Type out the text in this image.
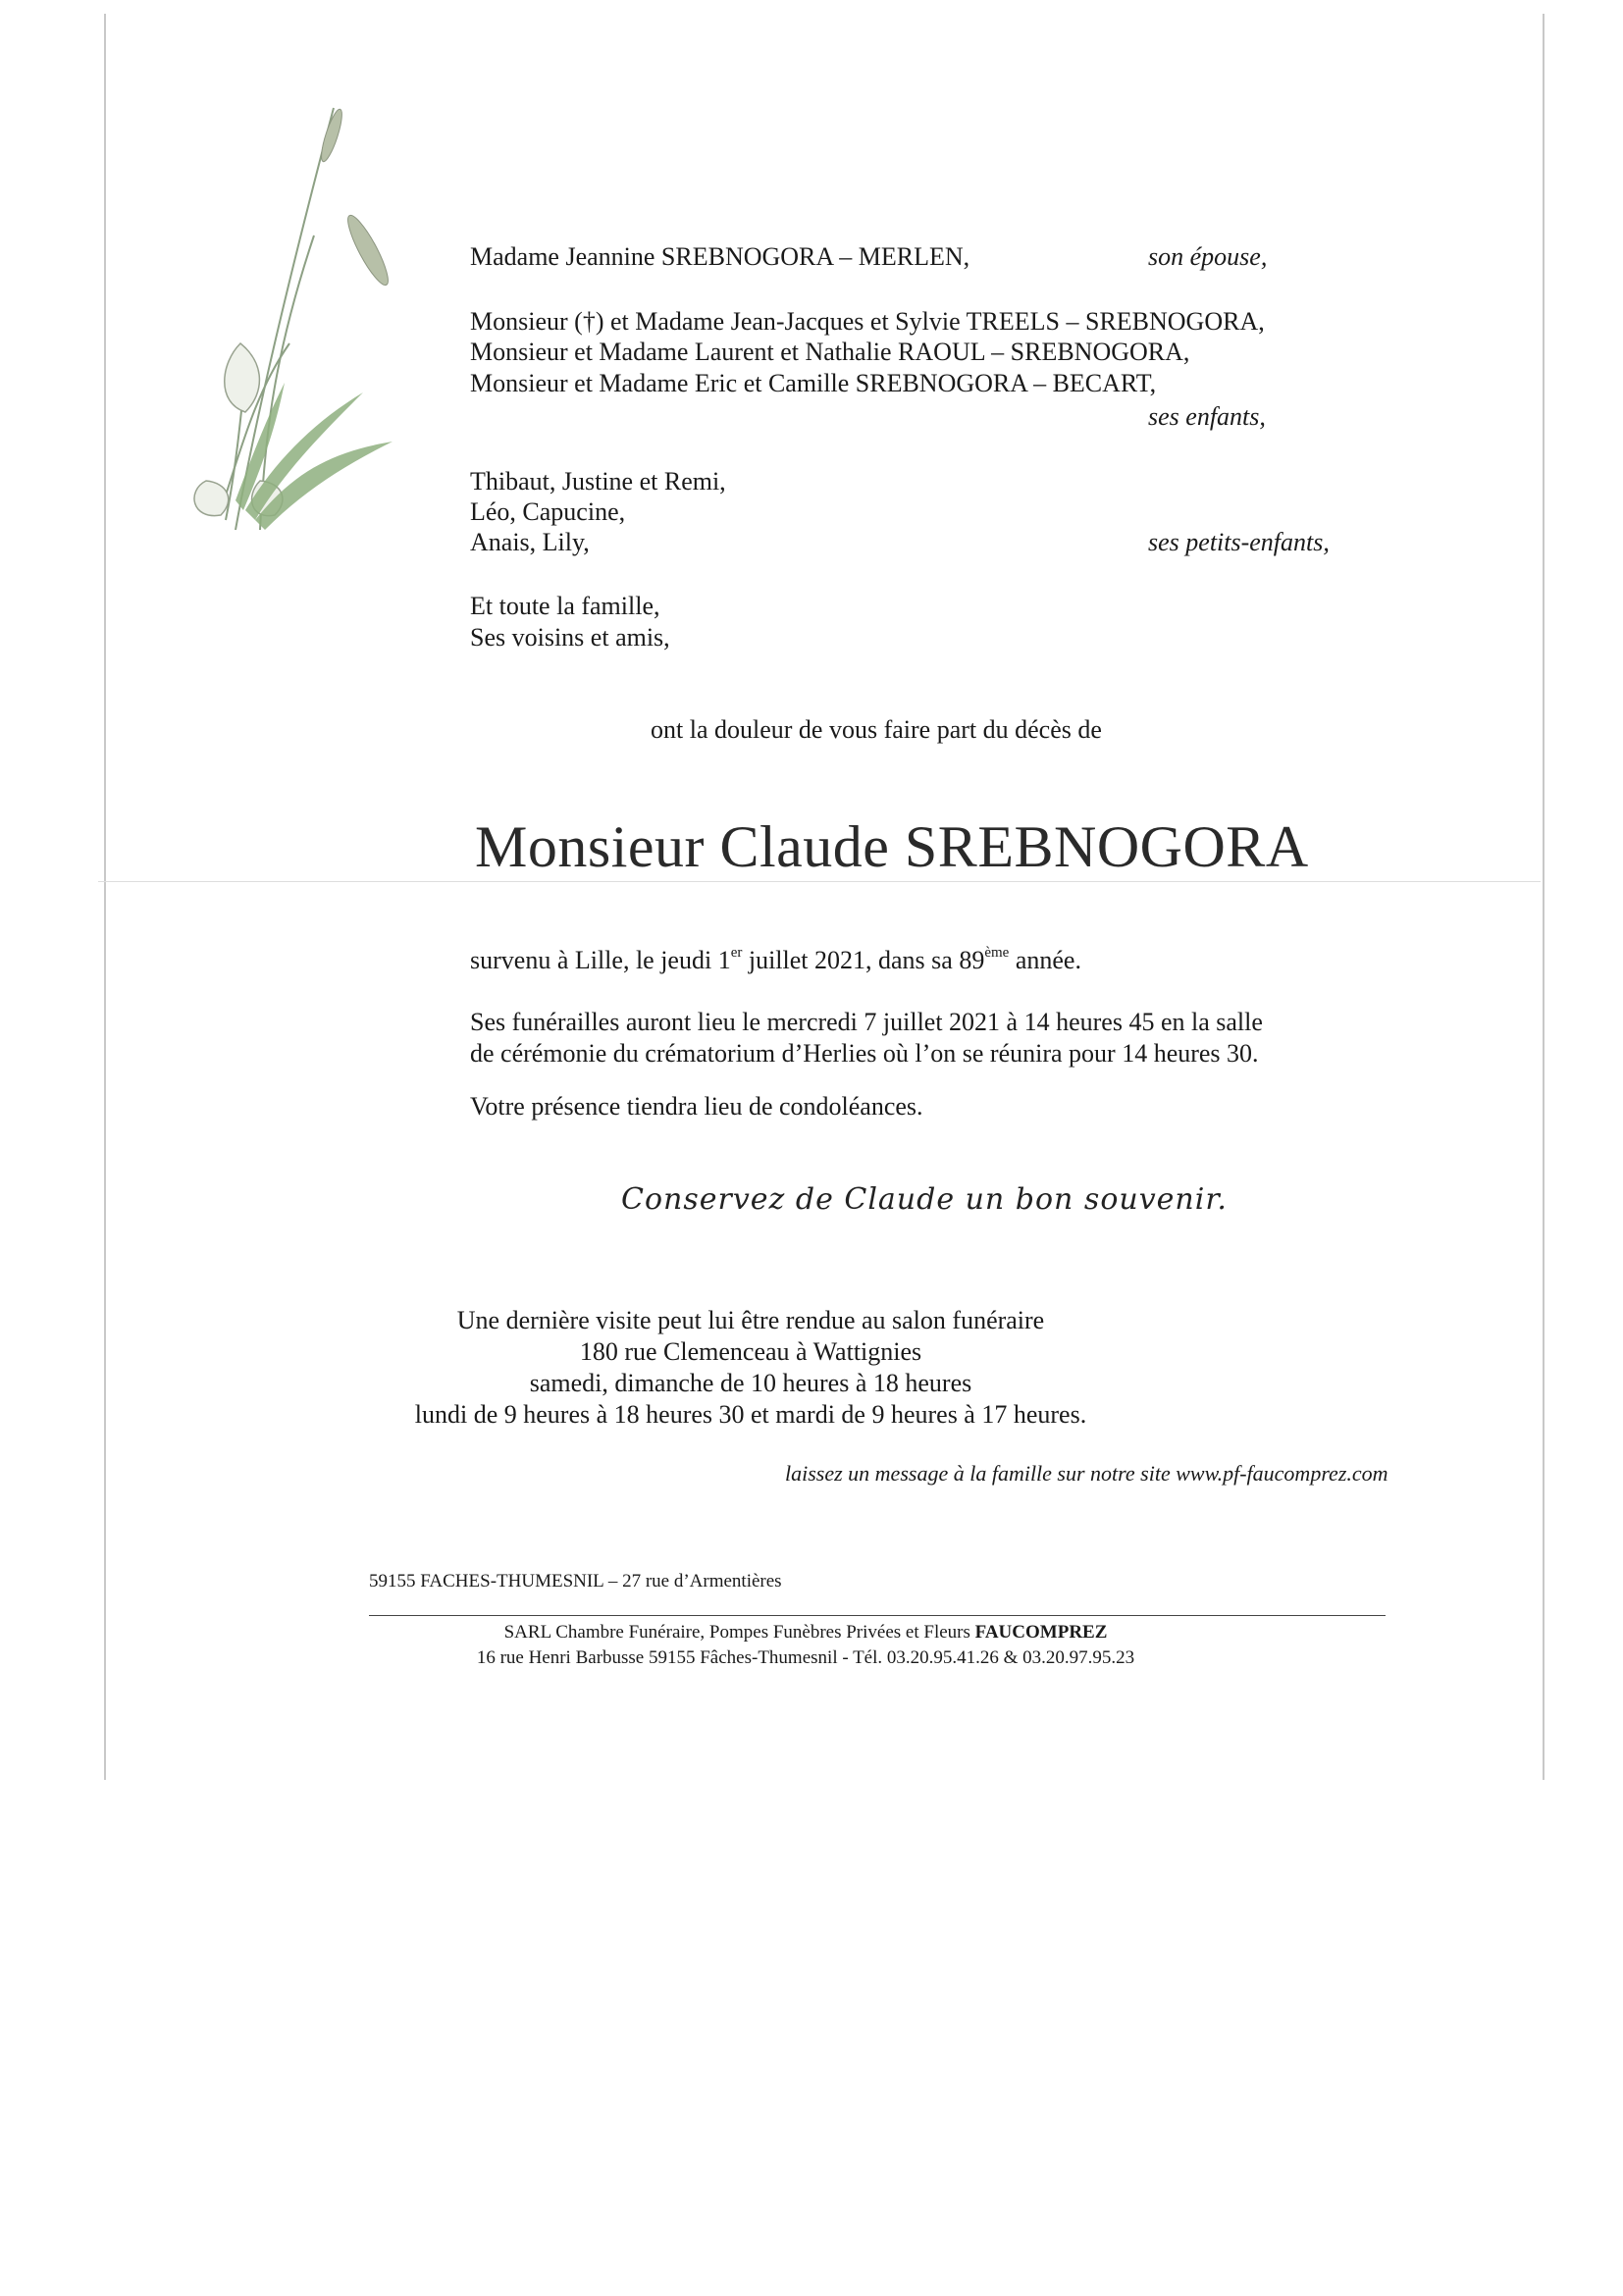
Madame Jeannine SREBNOGORA – MERLEN,	son épouse,
Monsieur (†) et Madame Jean-Jacques et Sylvie TREELS – SREBNOGORA,
Monsieur et Madame Laurent et Nathalie RAOUL – SREBNOGORA,
Monsieur et Madame Eric et Camille SREBNOGORA – BECART,
ses enfants,
Thibaut, Justine et Remi,
Léo, Capucine,
Anais, Lily,	ses petits-enfants,
Et toute la famille,
Ses voisins et amis,
ont la douleur de vous faire part du décès de
Monsieur Claude SREBNOGORA
survenu à Lille, le jeudi 1er juillet 2021, dans sa 89ème année.
Ses funérailles auront lieu le mercredi 7 juillet 2021 à 14 heures 45 en la salle
de cérémonie du crématorium d’Herlies où l’on se réunira pour 14 heures 30.
Votre présence tiendra lieu de condoléances.
Conservez de Claude un bon souvenir.
Une dernière visite peut lui être rendue au salon funéraire
180 rue Clemenceau à Wattignies
samedi, dimanche de 10 heures à 18 heures
lundi de 9 heures à 18 heures 30 et mardi de 9 heures à 17 heures.
laissez un message à la famille sur notre site www.pf-faucomprez.com
59155 FACHES-THUMESNIL – 27 rue d’Armentières
SARL Chambre Funéraire, Pompes Funèbres Privées et Fleurs FAUCOMPREZ
16 rue Henri Barbusse 59155 Fâches-Thumesnil - Tél. 03.20.95.41.26 & 03.20.97.95.23
